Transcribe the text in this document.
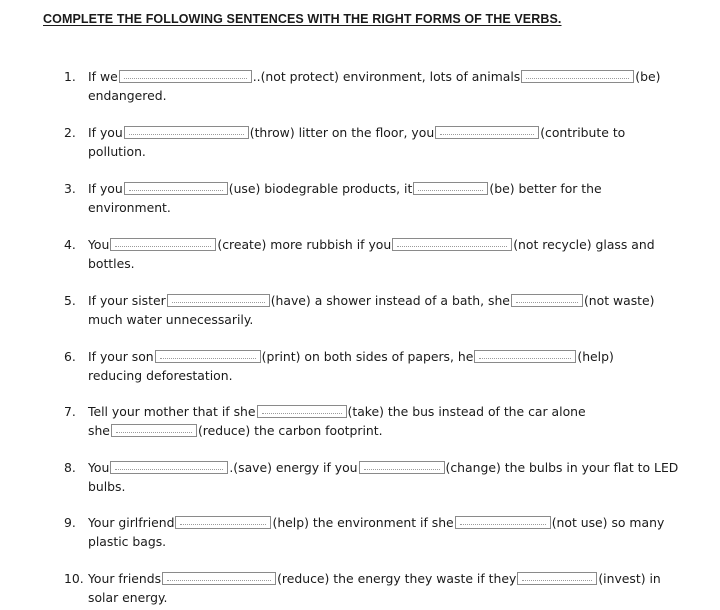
COMPLETE THE FOLLOWING SENTENCES WITH THE RIGHT FORMS OF THE VERBS.
1. If we	..(not protect) environment, lots of animals	(be)
endangered.
2. If you	(throw) litter on the floor, you	(contribute to
pollution.
3. If you	(use) biodegrable products, it	(be) better for the
environment.
4. You	(create) more rubbish if you	(not recycle) glass and
bottles.
5. If your sister	(have) a shower instead of a bath, she	(not waste)
much water unnecessarily.
6. If your son	(print) on both sides of papers, he	(help)
reducing deforestation.
7. Tell your mother that if she	(take) the bus instead of the car alone
she	(reduce) the carbon footprint.
8. You	.(save) energy if you	(change) the bulbs in your flat to LED
bulbs.
9. Your girlfriend	(help) the environment if she	(not use) so many
plastic bags.
10. Your friends	(reduce) the energy they waste if they	(invest) in
solar energy.
